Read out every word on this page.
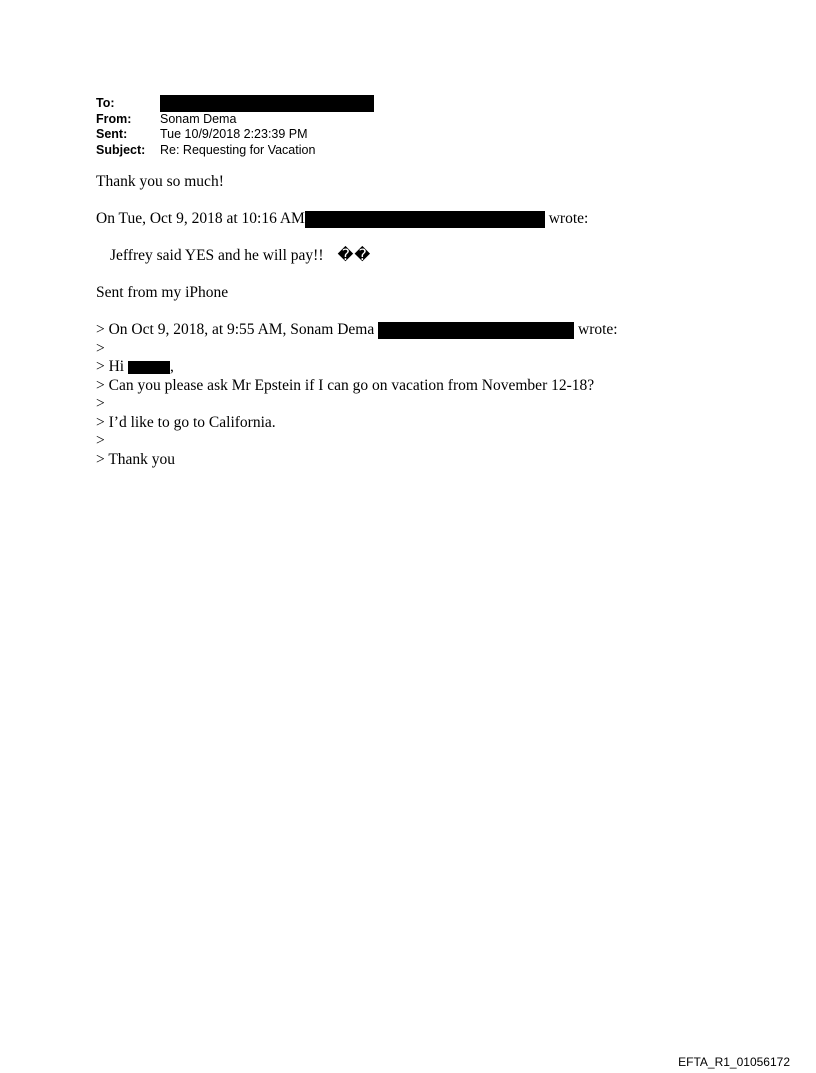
To:
From:	Sonam Dema
Sent:	Tue 10/9/2018 2:23:39 PM
Subject:	Re: Requesting for Vacation
Thank you so much!
On Tue, Oct 9, 2018 at 10:16 AM
	wrote:
Jeffrey said YES and he will pay!! ��
Sent from my iPhone
> On Oct 9, 2018, at 9:55 AM, Sonam Dema

	wrote:
>
> Hi
	,
> Can you please ask Mr Epstein if I can go on vacation from November 12-18?
>
> I’d like to go to California.
>
> Thank you
EFTA_R1_01056172
